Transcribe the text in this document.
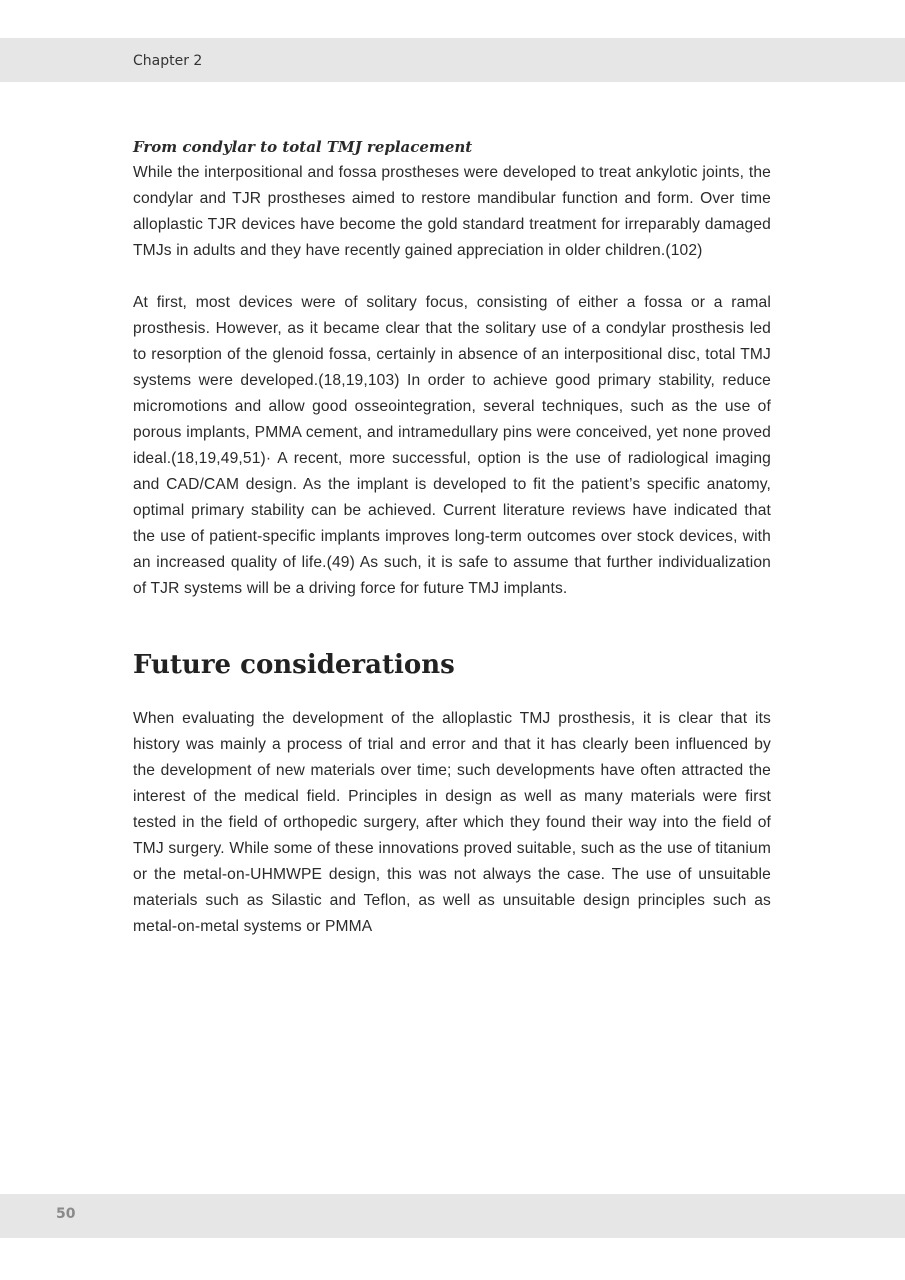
Chapter 2
From condylar to total TMJ replacement

While the interpositional and fossa prostheses were developed to treat ankylotic joints, the condylar and TJR prostheses aimed to restore mandibular function and form. Over time alloplastic TJR devices have become the gold standard treatment for irreparably damaged TMJs in adults and they have recently gained appreciation in older children.(102)

At first, most devices were of solitary focus, consisting of either a fossa or a ramal prosthesis. However, as it became clear that the solitary use of a condylar prosthesis led to resorption of the glenoid fossa, certainly in absence of an interpositional disc, total TMJ systems were developed.(18,19,103) In order to achieve good primary stability, reduce micromotions and allow good osseointegration, several techniques, such as the use of porous implants, PMMA cement, and intramedullary pins were conceived, yet none proved ideal.(18,19,49,51)· A recent, more successful, option is the use of radiological imaging and CAD/CAM design. As the implant is developed to fit the patient’s specific anatomy, optimal primary stability can be achieved. Current literature reviews have indicated that the use of patient-specific implants improves long-term outcomes over stock devices, with an increased quality of life.(49) As such, it is safe to assume that further individualization of TJR systems will be a driving force for future TMJ implants.

Future considerations

When evaluating the development of the alloplastic TMJ prosthesis, it is clear that its history was mainly a process of trial and error and that it has clearly been influenced by the development of new materials over time; such developments have often attracted the interest of the medical field. Principles in design as well as many materials were first tested in the field of orthopedic surgery, after which they found their way into the field of TMJ surgery. While some of these innovations proved suitable, such as the use of titanium or the metal-on-UHMWPE design, this was not always the case. The use of unsuitable materials such as Silastic and Teflon, as well as unsuitable design principles such as metal-on-metal systems or PMMA

50
